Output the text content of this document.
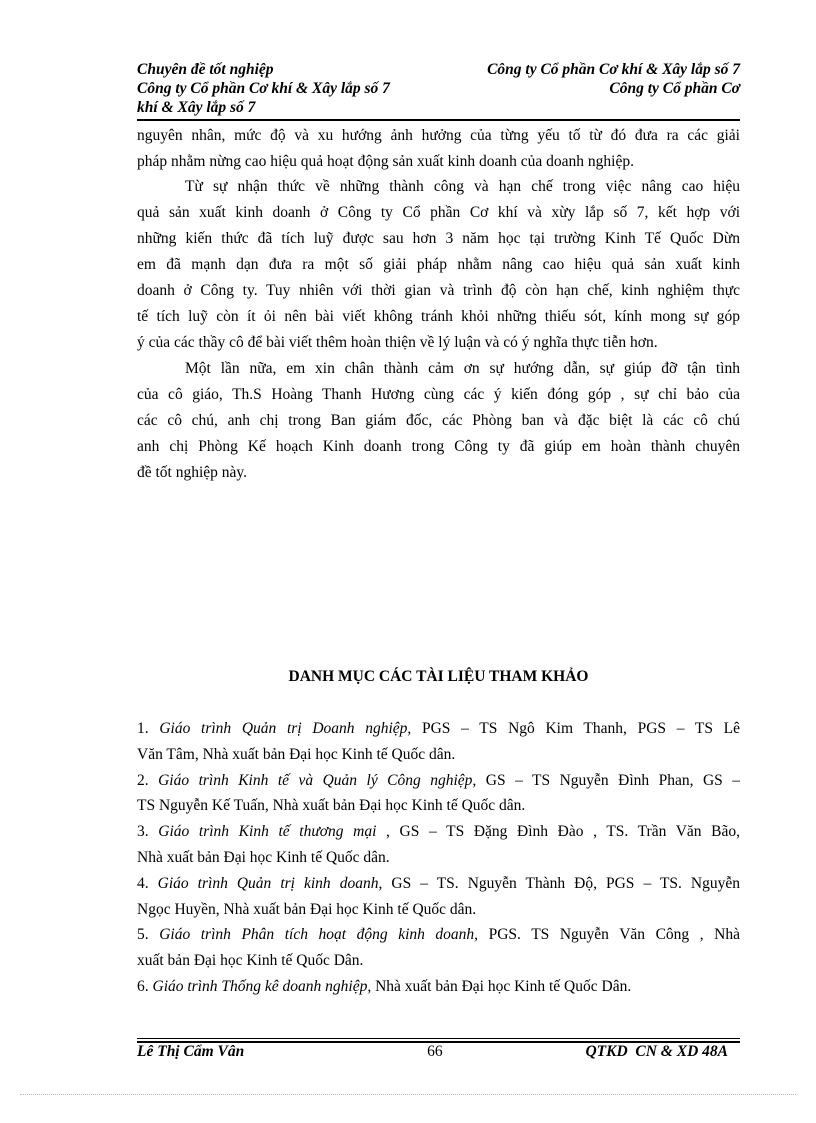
Chuyên đề tốt nghiệp	Công ty Cổ phần Cơ khí & Xây lắp số 7
Công ty Cổ phần Cơ khí & Xây lắp số 7	Công ty Cổ phần Cơ
khí & Xây lắp số 7
nguyên nhân, mức độ và xu hướng ảnh hưởng của từng yếu tố từ đó đưa ra các giải
pháp nhằm nừng cao hiệu quả hoạt động sản xuất kinh doanh của doanh nghiệp.
Từ sự nhận thức về những thành công và hạn chế trong việc nâng cao hiệu
quả sản xuất kinh doanh ở Công ty Cổ phần Cơ khí và xừy lắp số 7, kết hợp với
những kiến thức đã tích luỹ được sau hơn 3 năm học tại trường Kinh Tế Quốc Dừn
em đã mạnh dạn đưa ra một số giải pháp nhằm nâng cao hiệu quả sản xuất kinh
doanh ở Công ty. Tuy nhiên với thời gian và trình độ còn hạn chế, kinh nghiệm thực
tế tích luỹ còn ít ỏi nên bài viết không tránh khỏi những thiếu sót, kính mong sự góp
ý của các thầy cô để bài viết thêm hoàn thiện về lý luận và có ý nghĩa thực tiễn hơn.
Một lần nữa, em xin chân thành cảm ơn sự hướng dẫn, sự giúp đỡ tận tình
của cô giáo, Th.S Hoàng Thanh Hương cùng các ý kiến đóng góp , sự chỉ bảo của
các cô chú, anh chị trong Ban giám đốc, các Phòng ban và đặc biệt là các cô chú
anh chị Phòng Kế hoạch Kinh doanh trong Công ty đã giúp em hoàn thành chuyên
đề tốt nghiệp này.
DANH MỤC CÁC TÀI LIỆU THAM KHẢO
1. Giáo trình Quản trị Doanh nghiệp, PGS – TS Ngô Kim Thanh, PGS – TS Lê
Văn Tâm, Nhà xuất bản Đại học Kinh tế Quốc dân.
2. Giáo trình Kinh tế và Quản lý Công nghiệp, GS – TS Nguyễn Đình Phan, GS –
TS Nguyễn Kế Tuấn, Nhà xuất bản Đại học Kinh tế Quốc dân.
3. Giáo trình Kinh tế thương mại , GS – TS Đặng Đình Đào , TS. Trần Văn Bão,
Nhà xuất bản Đại học Kinh tế Quốc dân.
4. Giáo trình Quản trị kinh doanh, GS – TS. Nguyễn Thành Độ, PGS – TS. Nguyễn
Ngọc Huyền, Nhà xuất bản Đại học Kinh tế Quốc dân.
5. Giáo trình Phân tích hoạt động kinh doanh, PGS. TS Nguyễn Văn Công , Nhà
xuất bản Đại học Kinh tế Quốc Dân.
6. Giáo trình Thống kê doanh nghiệp, Nhà xuất bản Đại học Kinh tế Quốc Dân.
Lê Thị Cẩm Vân	66	QTKD  CN & XD 48A
